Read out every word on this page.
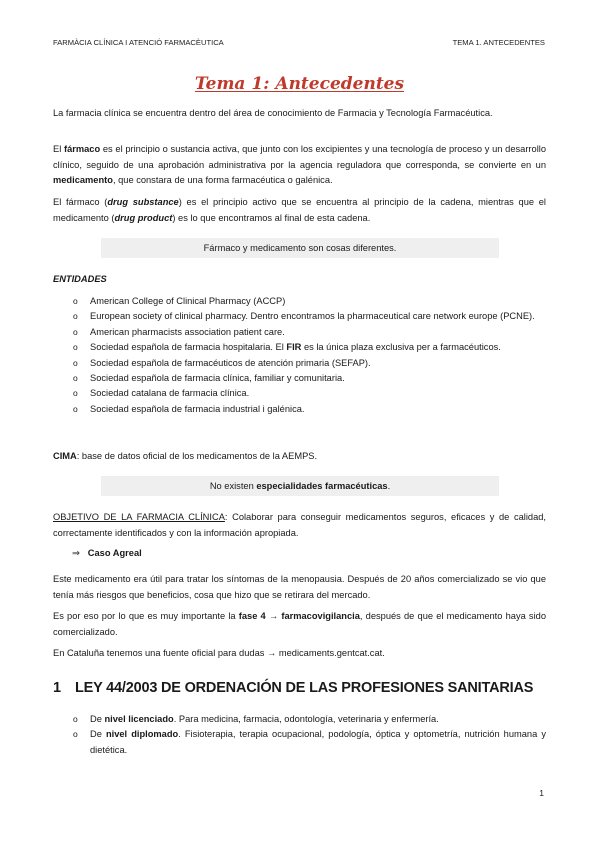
FARMÀCIA CLÍNICA I ATENCIÓ FARMACÈUTICA	TEMA 1. ANTECEDENTES
Tema 1: Antecedentes

La farmacia clínica se encuentra dentro del área de conocimiento de Farmacia y Tecnología Farmacéutica.

El fármaco es el principio o sustancia activa, que junto con los excipientes y una tecnología de proceso y un desarrollo clínico, seguido de una aprobación administrativa por la agencia reguladora que corresponda, se convierte en un medicamento, que constara de una forma farmacéutica o galénica.

El fármaco (drug substance) es el principio activo que se encuentra al principio de la cadena, mientras que el medicamento (drug product) es lo que encontramos al final de esta cadena.

Fármaco y medicamento son cosas diferentes.
ENTIDADES
o American College of Clinical Pharmacy (ACCP)
o European society of clinical pharmacy. Dentro encontramos la pharmaceutical care network europe (PCNE).
o American pharmacists association patient care.
o Sociedad española de farmacia hospitalaria. El FIR es la única plaza exclusiva per a farmacéuticos.
o Sociedad española de farmacéuticos de atención primaria (SEFAP).
o Sociedad española de farmacia clínica, familiar y comunitaria.
o Sociedad catalana de farmacia clínica.
o Sociedad española de farmacia industrial i galénica.

CIMA: base de datos oficial de los medicamentos de la AEMPS.

No existen especialidades farmacéuticas.

OBJETIVO DE LA FARMACIA CLÍNICA: Colaborar para conseguir medicamentos seguros, eficaces y de calidad, correctamente identificados y con la información apropiada.

⇒ Caso Agreal

Este medicamento era útil para tratar los síntomas de la menopausia. Después de 20 años comercializado se vio que tenía más riesgos que beneficios, cosa que hizo que se retirara del mercado.

Es por eso por lo que es muy importante la fase 4 → farmacovigilancia, después de que el medicamento haya sido comercializado.

En Cataluña tenemos una fuente oficial para dudas → medicaments.gentcat.cat.

1 LEY 44/2003 DE ORDENACIÓN DE LAS PROFESIONES SANITARIAS
o De nivel licenciado. Para medicina, farmacia, odontología, veterinaria y enfermería.
o De nivel diplomado. Fisioterapia, terapia ocupacional, podología, óptica y optometría, nutrición humana y dietética.
1
